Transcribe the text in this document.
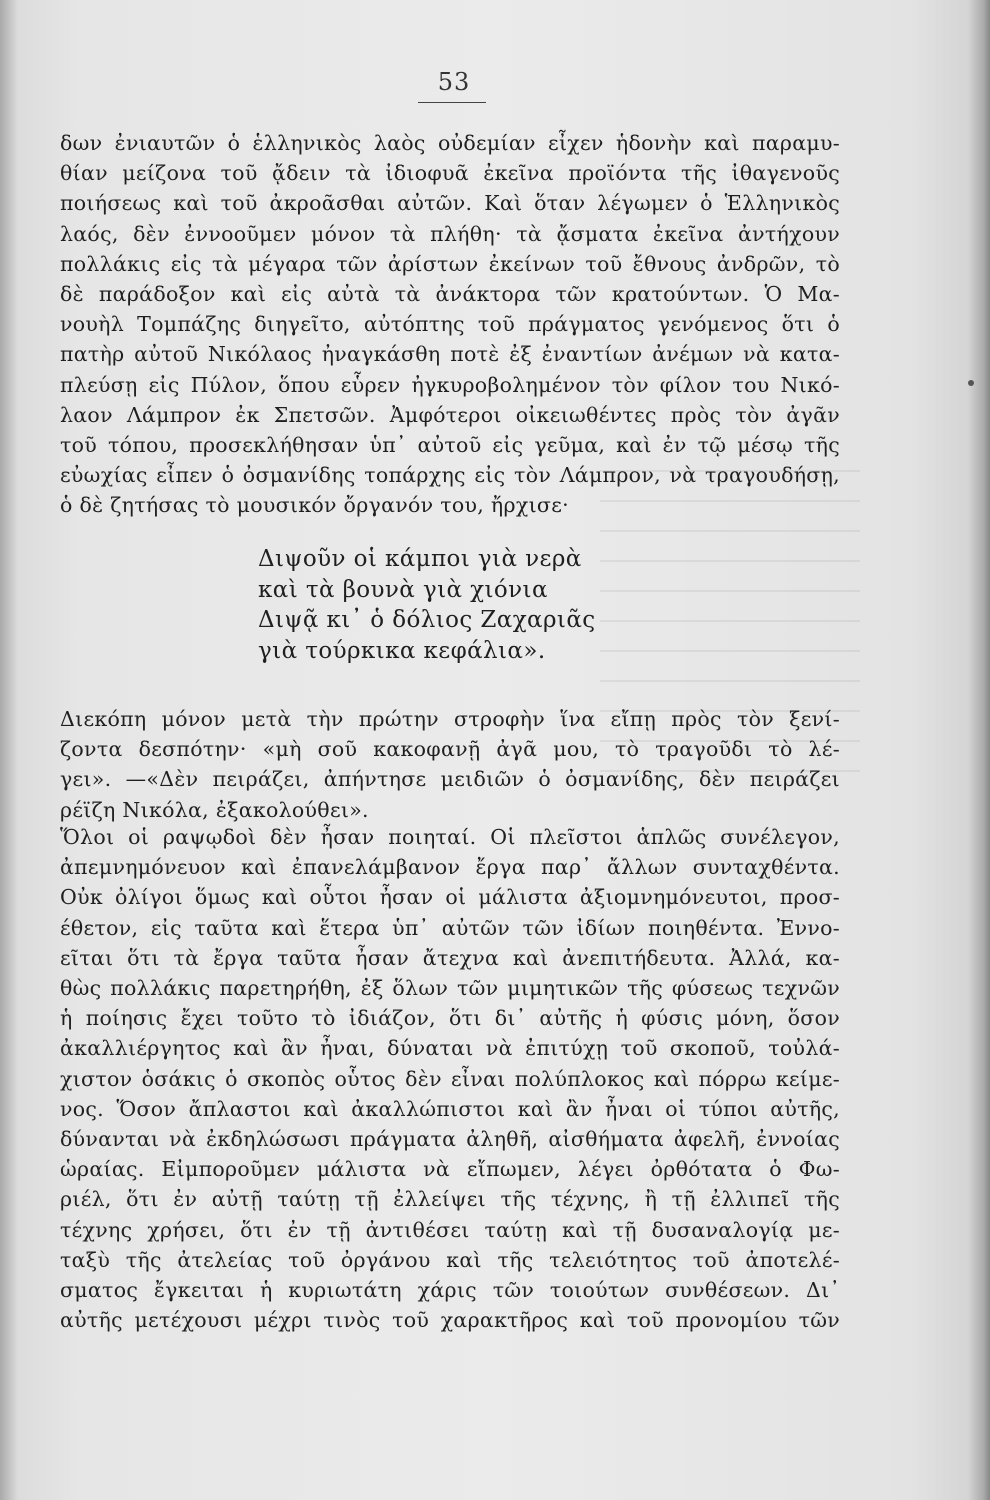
53
δων ἐνιαυτῶν ὁ ἑλληνικὸς λαὸς οὐδεμίαν εἶχεν ἡδονὴν καὶ παραμυ-
θίαν μείζονα τοῦ ᾄδειν τὰ ἰδιοφυᾶ ἐκεῖνα προϊόντα τῆς ἰθαγενοῦς
ποιήσεως καὶ τοῦ ἀκροᾶσθαι αὐτῶν. Καὶ ὅταν λέγωμεν ὁ Ἑλληνικὸς
λαός, δὲν ἐννοοῦμεν μόνον τὰ πλήθη· τὰ ᾄσματα ἐκεῖνα ἀντήχουν
πολλάκις εἰς τὰ μέγαρα τῶν ἀρίστων ἐκείνων τοῦ ἔθνους ἀνδρῶν, τὸ
δὲ παράδοξον καὶ εἰς αὐτὰ τὰ ἀνάκτορα τῶν κρατούντων. Ὁ Μα-
νουὴλ Τομπάζης διηγεῖτο, αὐτόπτης τοῦ πράγματος γενόμενος ὅτι ὁ
πατὴρ αὐτοῦ Νικόλαος ἠναγκάσθη ποτὲ ἐξ ἐναντίων ἀνέμων νὰ κατα-
πλεύσῃ εἰς Πύλον, ὅπου εὗρεν ἠγκυροβολημένον τὸν φίλον του Νικό-
λαον Λάμπρον ἐκ Σπετσῶν. Ἀμφότεροι οἰκειωθέντες πρὸς τὸν ἀγᾶν
τοῦ τόπου, προσεκλήθησαν ὑπ᾽ αὐτοῦ εἰς γεῦμα, καὶ ἐν τῷ μέσῳ τῆς
εὐωχίας εἶπεν ὁ ὀσμανίδης τοπάρχης εἰς τὸν Λάμπρον, νὰ τραγουδήσῃ,
ὁ δὲ ζητήσας τὸ μουσικόν ὄργανόν του, ἤρχισε·
Διψοῦν οἱ κάμποι γιὰ νερὰ
καὶ τὰ βουνὰ γιὰ χιόνια
Διψᾷ κι᾽ ὁ δόλιος Ζαχαριᾶς
γιὰ τούρκικα κεφάλια».
Διεκόπη μόνον μετὰ τὴν πρώτην στροφὴν ἵνα εἴπῃ πρὸς τὸν ξενί-
ζοντα δεσπότην· «μὴ σοῦ κακοφανῇ ἀγᾶ μου, τὸ τραγοῦδι τὸ λέ-
γει». —«Δὲν πειράζει, ἀπήντησε μειδιῶν ὁ ὀσμανίδης, δὲν πειράζει
ρέϊζη Νικόλα, ἐξακολούθει».
Ὅλοι οἱ ραψῳδοὶ δὲν ἦσαν ποιηταί. Οἱ πλεῖστοι ἁπλῶς συνέλεγον,
ἀπεμνημόνευον καὶ ἐπανελάμβανον ἔργα παρ᾽ ἄλλων συνταχθέντα.
Οὐκ ὀλίγοι ὅμως καὶ οὗτοι ἦσαν οἱ μάλιστα ἀξιομνημόνευτοι, προσ-
έθετον, εἰς ταῦτα καὶ ἕτερα ὑπ᾽ αὐτῶν τῶν ἰδίων ποιηθέντα. Ἐννο-
εῖται ὅτι τὰ ἔργα ταῦτα ἦσαν ἄτεχνα καὶ ἀνεπιτήδευτα. Ἀλλά, κα-
θὼς πολλάκις παρετηρήθη, ἐξ ὅλων τῶν μιμητικῶν τῆς φύσεως τεχνῶν
ἡ ποίησις ἔχει τοῦτο τὸ ἰδιάζον, ὅτι δι᾽ αὐτῆς ἡ φύσις μόνη, ὅσον
ἀκαλλιέργητος καὶ ἂν ἦναι, δύναται νὰ ἐπιτύχῃ τοῦ σκοποῦ, τοὐλά-
χιστον ὁσάκις ὁ σκοπὸς οὗτος δὲν εἶναι πολύπλοκος καὶ πόρρω κείμε-
νος. Ὅσον ἄπλαστοι καὶ ἀκαλλώπιστοι καὶ ἂν ἦναι οἱ τύποι αὐτῆς,
δύνανται νὰ ἐκδηλώσωσι πράγματα ἀληθῆ, αἰσθήματα ἀφελῆ, ἐννοίας
ὡραίας. Εἰμποροῦμεν μάλιστα νὰ εἴπωμεν, λέγει ὀρθότατα ὁ Φω-
ριέλ, ὅτι ἐν αὐτῇ ταύτῃ τῇ ἐλλείψει τῆς τέχνης, ἢ τῇ ἐλλιπεῖ τῆς
τέχνης χρήσει, ὅτι ἐν τῇ ἀντιθέσει ταύτῃ καὶ τῇ δυσαναλογίᾳ με-
ταξὺ τῆς ἀτελείας τοῦ ὀργάνου καὶ τῆς τελειότητος τοῦ ἀποτελέ-
σματος ἔγκειται ἡ κυριωτάτη χάρις τῶν τοιούτων συνθέσεων. Δι᾽
αὐτῆς μετέχουσι μέχρι τινὸς τοῦ χαρακτῆρος καὶ τοῦ προνομίου τῶν
